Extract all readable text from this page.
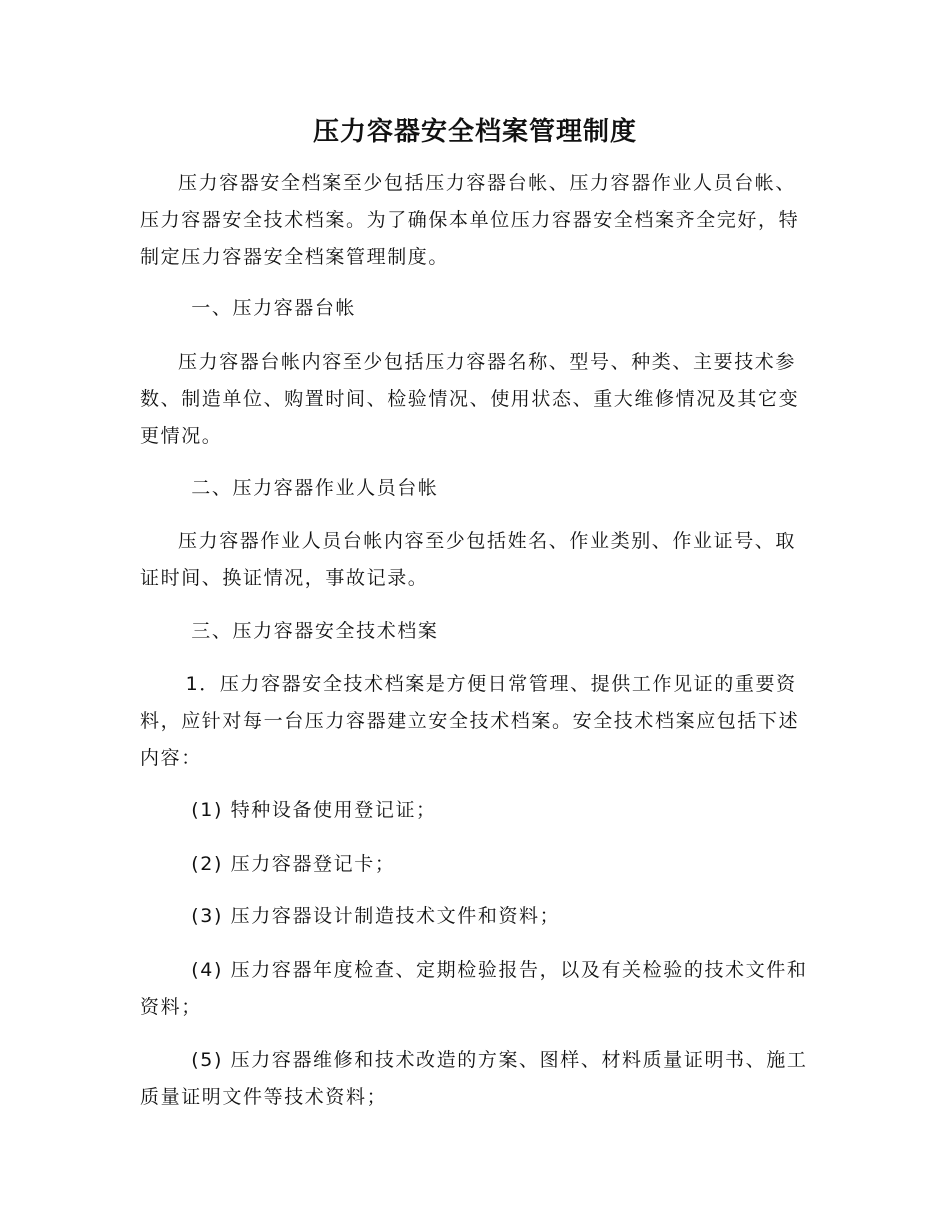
压力容器安全档案管理制度
压力容器安全档案至少包括压力容器台帐、压力容器作业人员台帐、压力容器安全技术档案。为了确保本单位压力容器安全档案齐全完好，特制定压力容器安全档案管理制度。
一、压力容器台帐
压力容器台帐内容至少包括压力容器名称、型号、种类、主要技术参数、制造单位、购置时间、检验情况、使用状态、重大维修情况及其它变更情况。
二、压力容器作业人员台帐
压力容器作业人员台帐内容至少包括姓名、作业类别、作业证号、取证时间、换证情况，事故记录。
三、压力容器安全技术档案
1．压力容器安全技术档案是方便日常管理、提供工作见证的重要资料，应针对每一台压力容器建立安全技术档案。安全技术档案应包括下述内容：
(1) 特种设备使用登记证；
(2) 压力容器登记卡；
(3) 压力容器设计制造技术文件和资料；
(4) 压力容器年度检查、定期检验报告，以及有关检验的技术文件和资料；
(5) 压力容器维修和技术改造的方案、图样、材料质量证明书、施工质量证明文件等技术资料；
